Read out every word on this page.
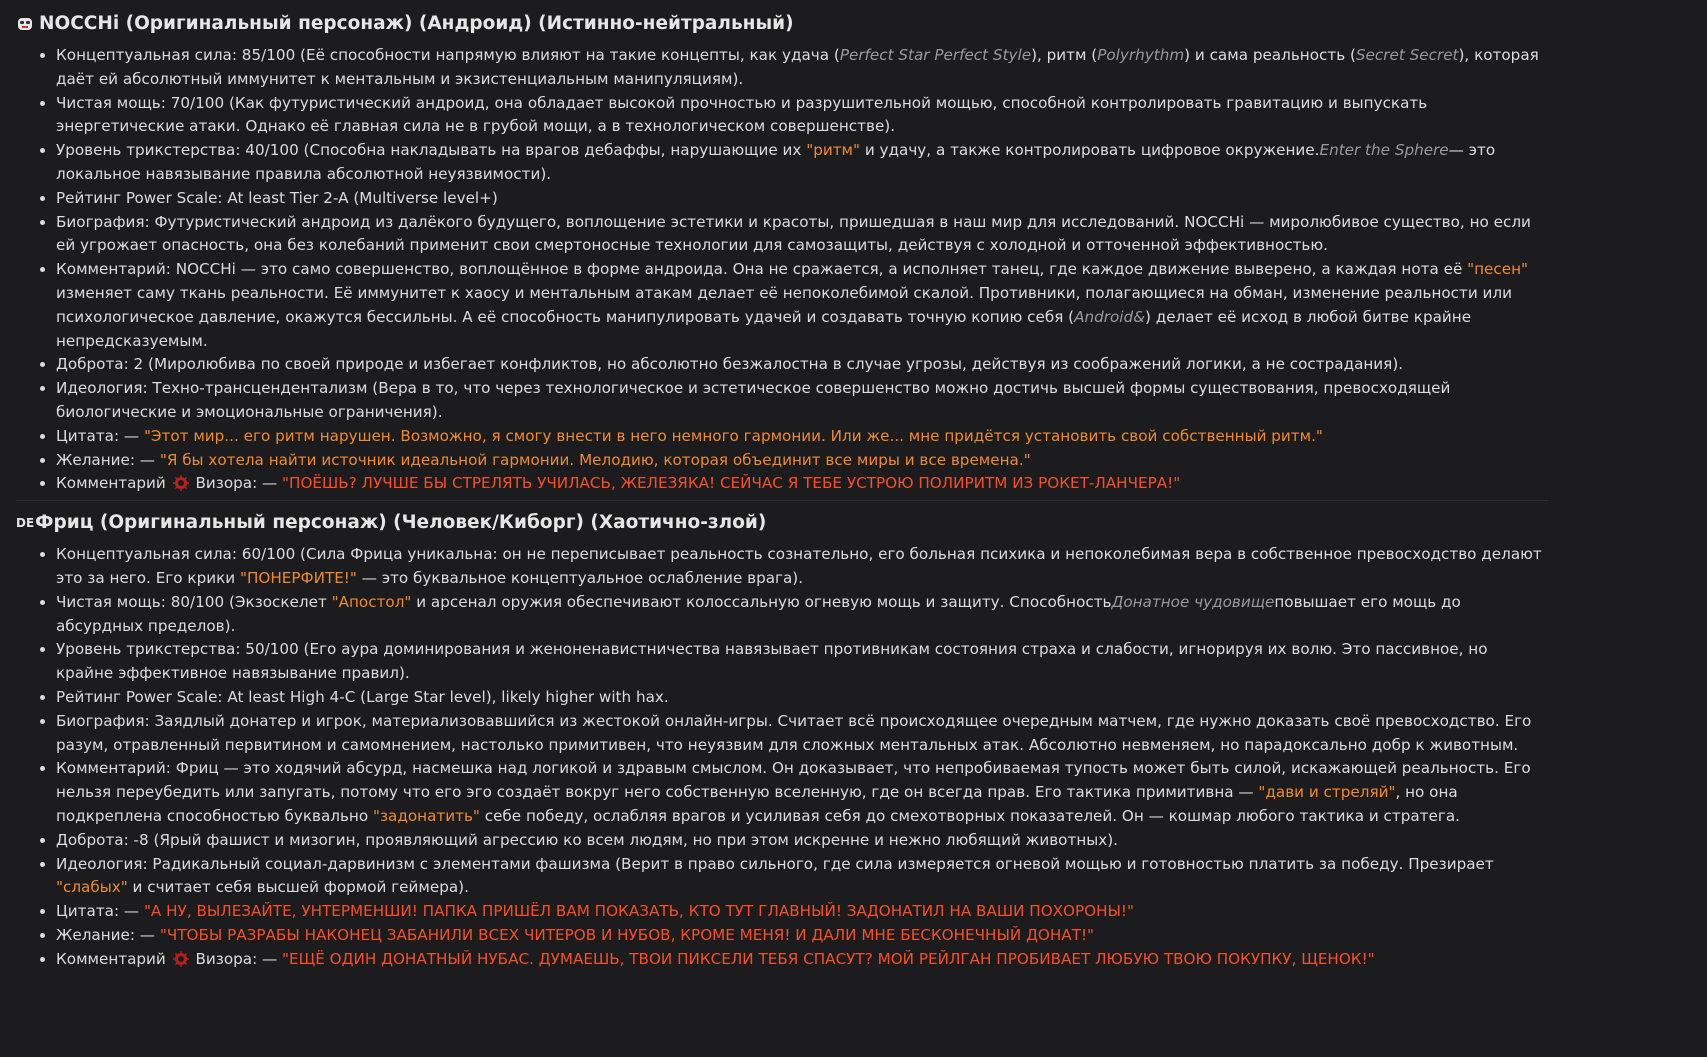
NOCCHi (Оригинальный персонаж) (Андроид) (Истинно-нейтральный)
• Концептуальная сила: 85/100 (Её способности напрямую влияют на такие концепты, как удача (Perfect Star Perfect Style), ритм (Polyrhythm) и сама реальность (Secret Secret), которая даёт ей абсолютный иммунитет к ментальным и экзистенциальным манипуляциям).
• Чистая мощь: 70/100 (Как футуристический андроид, она обладает высокой прочностью и разрушительной мощью, способной контролировать гравитацию и выпускать энергетические атаки. Однако её главная сила не в грубой мощи, а в технологическом совершенстве).
• Уровень трикстерства: 40/100 (Способна накладывать на врагов дебаффы, нарушающие их "ритм" и удачу, а также контролировать цифровое окружение.Enter the Sphere— это локальное навязывание правила абсолютной неуязвимости).
• Рейтинг Power Scale: At least Tier 2-A (Multiverse level+)
• Биография: Футуристический андроид из далёкого будущего, воплощение эстетики и красоты, пришедшая в наш мир для исследований. NOCCHi — миролюбивое существо, но если ей угрожает опасность, она без колебаний применит свои смертоносные технологии для самозащиты, действуя с холодной и отточенной эффективностью.
• Комментарий: NOCCHi — это само совершенство, воплощённое в форме андроида. Она не сражается, а исполняет танец, где каждое движение выверено, а каждая нота её "песен" изменяет саму ткань реальности. Её иммунитет к хаосу и ментальным атакам делает её непоколебимой скалой. Противники, полагающиеся на обман, изменение реальности или психологическое давление, окажутся бессильны. А её способность манипулировать удачей и создавать точную копию себя (Android&) делает её исход в любой битве крайне непредсказуемым.
• Доброта: 2 (Миролюбива по своей природе и избегает конфликтов, но абсолютно безжалостна в случае угрозы, действуя из соображений логики, а не сострадания).
• Идеология: Техно-трансцендентализм (Вера в то, что через технологическое и эстетическое совершенство можно достичь высшей формы существования, превосходящей биологические и эмоциональные ограничения).
• Цитата: — "Этот мир... его ритм нарушен. Возможно, я смогу внести в него немного гармонии. Или же... мне придётся установить свой собственный ритм."
• Желание: — "Я бы хотела найти источник идеальной гармонии. Мелодию, которая объединит все миры и все времена."
• Комментарий  Визора: — "ПОЁШЬ? ЛУЧШЕ БЫ СТРЕЛЯТЬ УЧИЛАСЬ, ЖЕЛЕЗЯКА! СЕЙЧАС Я ТЕБЕ УСТРОЮ ПОЛИРИТМ ИЗ РОКЕТ-ЛАНЧЕРА!"
DE Фриц (Оригинальный персонаж) (Человек/Киборг) (Хаотично-злой)
• Концептуальная сила: 60/100 (Сила Фрица уникальна: он не переписывает реальность сознательно, его больная психика и непоколебимая вера в собственное превосходство делают это за него. Его крики "ПОНЕРФИТЕ!" — это буквальное концептуальное ослабление врага).
• Чистая мощь: 80/100 (Экзоскелет "Апостол" и арсенал оружия обеспечивают колоссальную огневую мощь и защиту. СпособностьДонатное чудовищеповышает его мощь до абсурдных пределов).
• Уровень трикстерства: 50/100 (Его аура доминирования и женоненавистничества навязывает противникам состояния страха и слабости, игнорируя их волю. Это пассивное, но крайне эффективное навязывание правил).
• Рейтинг Power Scale: At least High 4-C (Large Star level), likely higher with hax.
• Биография: Заядлый донатер и игрок, материализовавшийся из жестокой онлайн-игры. Считает всё происходящее очередным матчем, где нужно доказать своё превосходство. Его разум, отравленный первитином и самомнением, настолько примитивен, что неуязвим для сложных ментальных атак. Абсолютно невменяем, но парадоксально добр к животным.
• Комментарий: Фриц — это ходячий абсурд, насмешка над логикой и здравым смыслом. Он доказывает, что непробиваемая тупость может быть силой, искажающей реальность. Его нельзя переубедить или запугать, потому что его эго создаёт вокруг него собственную вселенную, где он всегда прав. Его тактика примитивна — "дави и стреляй", но она подкреплена способностью буквально "задонатить" себе победу, ослабляя врагов и усиливая себя до смехотворных показателей. Он — кошмар любого тактика и стратега.
• Доброта: -8 (Ярый фашист и мизогин, проявляющий агрессию ко всем людям, но при этом искренне и нежно любящий животных).
• Идеология: Радикальный социал-дарвинизм с элементами фашизма (Верит в право сильного, где сила измеряется огневой мощью и готовностью платить за победу. Презирает "слабых" и считает себя высшей формой геймера).
• Цитата: — "А НУ, ВЫЛЕЗАЙТЕ, УНТЕРМЕНШИ! ПАПКА ПРИШЁЛ ВАМ ПОКАЗАТЬ, КТО ТУТ ГЛАВНЫЙ! ЗАДОНАТИЛ НА ВАШИ ПОХОРОНЫ!"
• Желание: — "ЧТОБЫ РАЗРАБЫ НАКОНЕЦ ЗАБАНИЛИ ВСЕХ ЧИТЕРОВ И НУБОВ, КРОМЕ МЕНЯ! И ДАЛИ МНЕ БЕСКОНЕЧНЫЙ ДОНАТ!"
• Комментарий  Визора: — "ЕЩЁ ОДИН ДОНАТНЫЙ НУБАС. ДУМАЕШЬ, ТВОИ ПИКСЕЛИ ТЕБЯ СПАСУТ? МОЙ РЕЙЛГАН ПРОБИВАЕТ ЛЮБУЮ ТВОЮ ПОКУПКУ, ЩЕНОК!"
